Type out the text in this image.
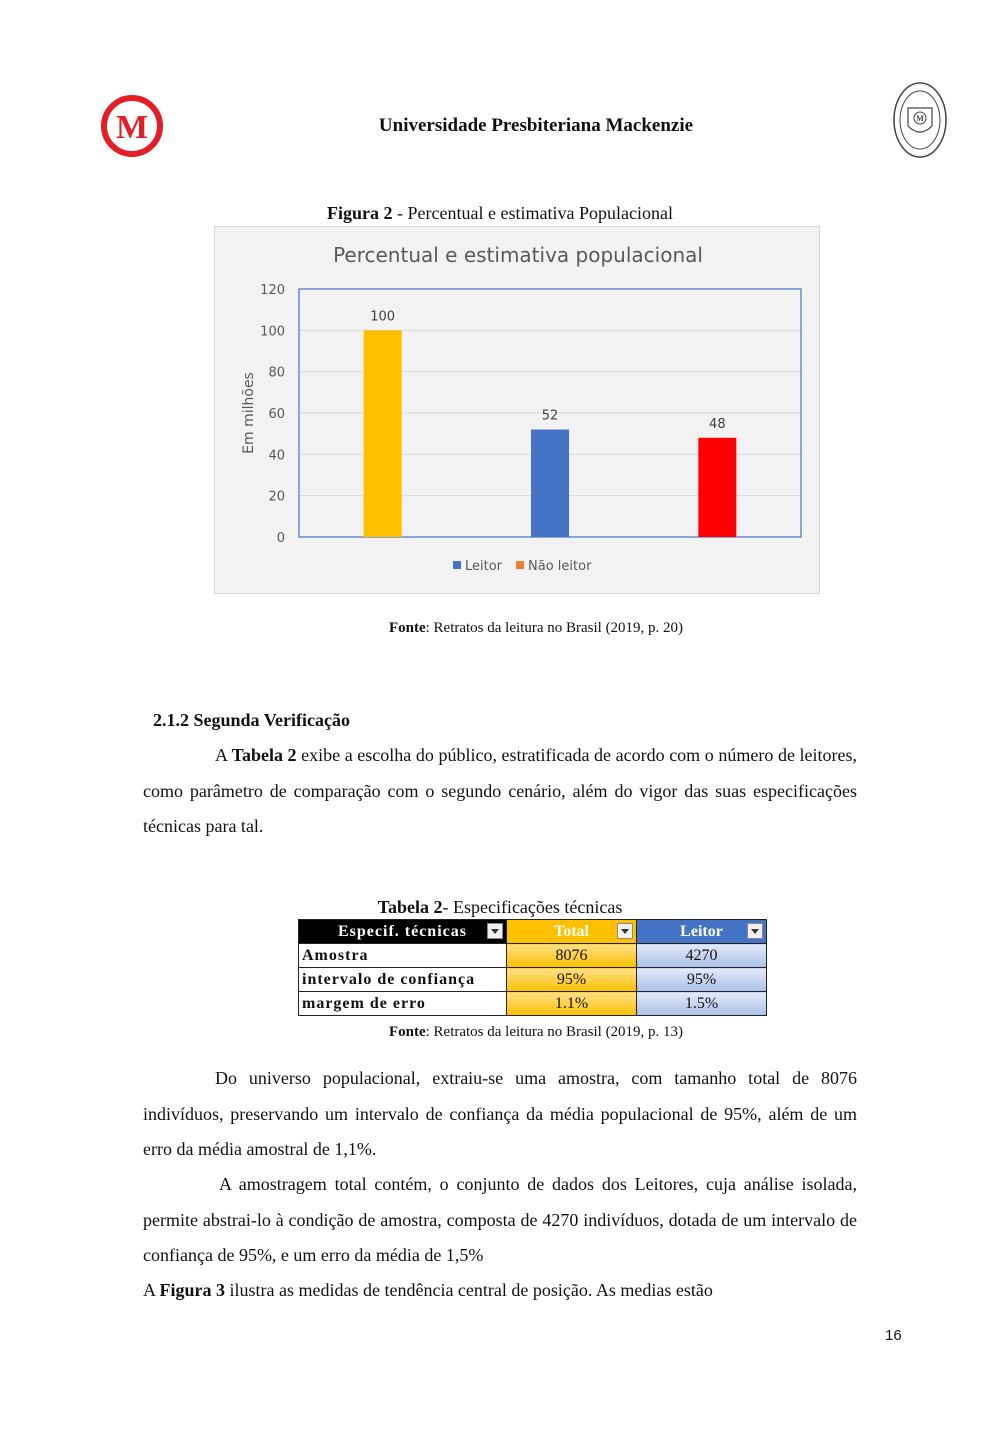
M	Universidade Presbiteriana Mackenzie	M
Figura 2 - Percentual e estimativa Populacional
Percentual e estimativa populacional
0
20
40
60
80
100
120
100
52
48
Em milhões
Leitor Não leitor
Fonte: Retratos da leitura no Brasil (2019, p. 20)
2.1.2 Segunda Verificação
A Tabela 2 exibe a escolha do público, estratificada de acordo com o número de leitores, como parâmetro de comparação com o segundo cenário, além do vigor das suas especificações técnicas para tal.
Tabela 2- Especificações técnicas
Especif. técnicas	Total	Leitor

Amostra	8076	4270
intervalo de confiança	95%	95%
margem de erro	1.1%	1.5%
Fonte: Retratos da leitura no Brasil (2019, p. 13)
Do universo populacional, extraiu-se uma amostra, com tamanho total de 8076 indivíduos, preservando um intervalo de confiança da média populacional de 95%, além de um erro da média amostral de 1,1%.
A amostragem total contém, o conjunto de dados dos Leitores, cuja análise isolada, permite abstrai-lo à condição de amostra, composta de 4270 indivíduos, dotada de um intervalo de confiança de 95%, e um erro da média de 1,5%
A Figura 3 ilustra as medidas de tendência central de posição. As medias estão
16
